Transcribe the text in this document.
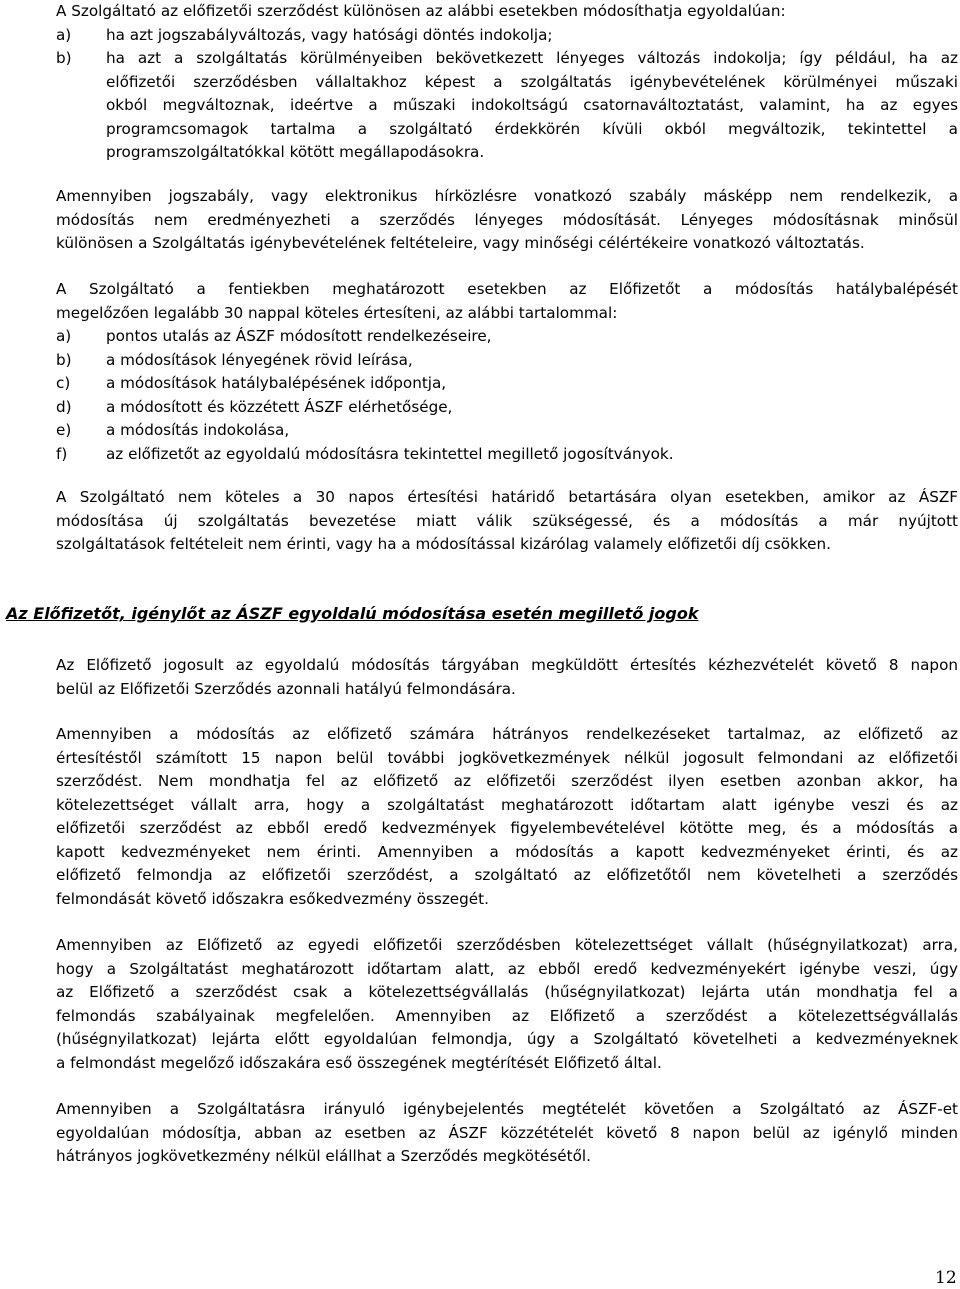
A Szolgáltató az előfizetői szerződést különösen az alábbi esetekben módosíthatja egyoldalúan:
a)	ha azt jogszabályváltozás, vagy hatósági döntés indokolja;
b)	ha azt a szolgáltatás körülményeiben bekövetkezett lényeges változás indokolja; így például, ha az
előfizetői szerződésben vállaltakhoz képest a szolgáltatás igénybevételének körülményei műszaki
okból megváltoznak, ideértve a műszaki indokoltságú csatornaváltoztatást, valamint, ha az egyes
programcsomagok tartalma a szolgáltató érdekkörén kívüli okból megváltozik, tekintettel a
programszolgáltatókkal kötött megállapodásokra.
Amennyiben jogszabály, vagy elektronikus hírközlésre vonatkozó szabály másképp nem rendelkezik, a
módosítás nem eredményezheti a szerződés lényeges módosítását. Lényeges módosításnak minősül
különösen a Szolgáltatás igénybevételének feltételeire, vagy minőségi célértékeire vonatkozó változtatás.
A Szolgáltató a fentiekben meghatározott esetekben az Előfizetőt a módosítás hatálybalépését
megelőzően legalább 30 nappal köteles értesíteni, az alábbi tartalommal:
a)	pontos utalás az ÁSZF módosított rendelkezéseire,
b)	a módosítások lényegének rövid leírása,
c)	a módosítások hatálybalépésének időpontja,
d)	a módosított és közzétett ÁSZF elérhetősége,
e)	a módosítás indokolása,
f)	az előfizetőt az egyoldalú módosításra tekintettel megillető jogosítványok.
A Szolgáltató nem köteles a 30 napos értesítési határidő betartására olyan esetekben, amikor az ÁSZF
módosítása új szolgáltatás bevezetése miatt válik szükségessé, és a módosítás a már nyújtott
szolgáltatások feltételeit nem érinti, vagy ha a módosítással kizárólag valamely előfizetői díj csökken.
Az Előfizetőt, igénylőt az ÁSZF egyoldalú módosítása esetén megillető jogok
Az Előfizető jogosult az egyoldalú módosítás tárgyában megküldött értesítés kézhezvételét követő 8 napon
belül az Előfizetői Szerződés azonnali hatályú felmondására.
Amennyiben a módosítás az előfizető számára hátrányos rendelkezéseket tartalmaz, az előfizető az
értesítéstől számított 15 napon belül további jogkövetkezmények nélkül jogosult felmondani az előfizetői
szerződést. Nem mondhatja fel az előfizető az előfizetői szerződést ilyen esetben azonban akkor, ha
kötelezettséget vállalt arra, hogy a szolgáltatást meghatározott időtartam alatt igénybe veszi és az
előfizetői szerződést az ebből eredő kedvezmények figyelembevételével kötötte meg, és a módosítás a
kapott kedvezményeket nem érinti. Amennyiben a módosítás a kapott kedvezményeket érinti, és az
előfizető felmondja az előfizetői szerződést, a szolgáltató az előfizetőtől nem követelheti a szerződés
felmondását követő időszakra esőkedvezmény összegét.
Amennyiben az Előfizető az egyedi előfizetői szerződésben kötelezettséget vállalt (hűségnyilatkozat) arra,
hogy a Szolgáltatást meghatározott időtartam alatt, az ebből eredő kedvezményekért igénybe veszi, úgy
az Előfizető a szerződést csak a kötelezettségvállalás (hűségnyilatkozat) lejárta után mondhatja fel a
felmondás szabályainak megfelelően. Amennyiben az Előfizető a szerződést a kötelezettségvállalás
(hűségnyilatkozat) lejárta előtt egyoldalúan felmondja, úgy a Szolgáltató követelheti a kedvezményeknek
a felmondást megelőző időszakára eső összegének megtérítését Előfizető által.
Amennyiben a Szolgáltatásra irányuló igénybejelentés megtételét követően a Szolgáltató az ÁSZF-et
egyoldalúan módosítja, abban az esetben az ÁSZF közzétételét követő 8 napon belül az igénylő minden
hátrányos jogkövetkezmény nélkül elállhat a Szerződés megkötésétől.
12
